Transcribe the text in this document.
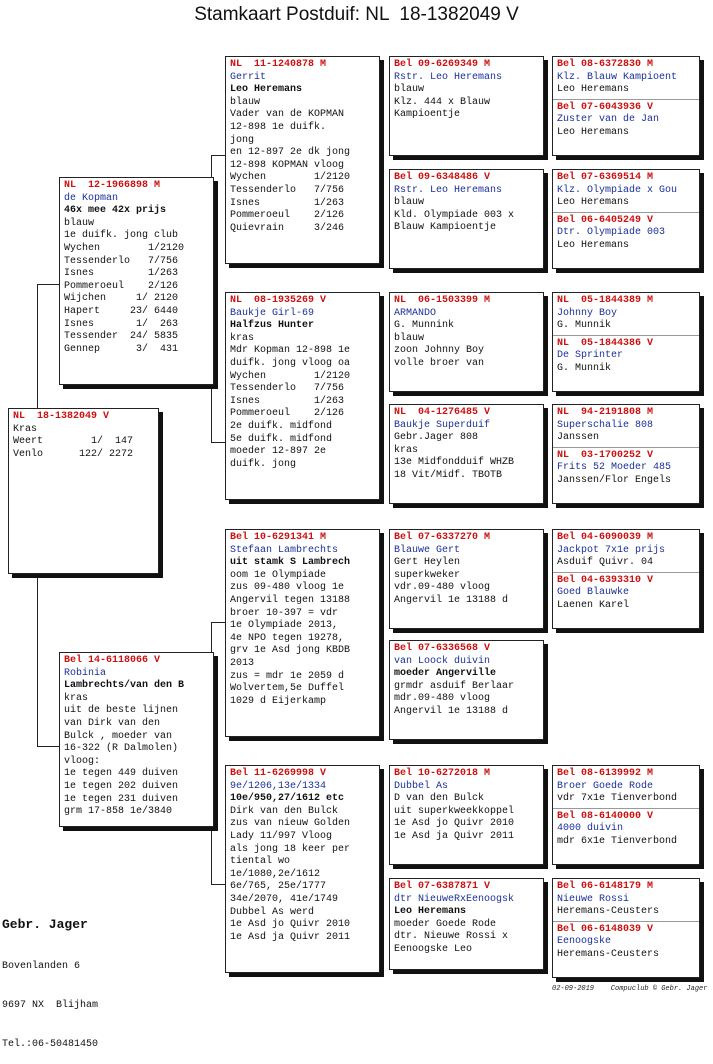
Stamkaart Postduif: NL  18-1382049 V
NL  18-1382049 V
Kras
Weert        1/  147
Venlo      122/ 2272
NL  12-1966898 M
de Kopman
46x mee 42x prijs
blauw
1e duifk. jong club
Wychen        1/2120
Tessenderlo   7/756
Isnes         1/263
Pommeroeul    2/126
Wijchen     1/ 2120
Hapert     23/ 6440
Isnes       1/  263
Tessender  24/ 5835
Gennep      3/  431
Bel 14-6118066 V
Robinia
Lambrechts/van den B
kras
uit de beste lijnen
van Dirk van den
Bulck , moeder van
16-322 (R Dalmolen)
vloog:
1e tegen 449 duiven
1e tegen 202 duiven
1e tegen 231 duiven
grm 17-858 1e/3840
NL  11-1240878 M
Gerrit
Leo Heremans
blauw
Vader van de KOPMAN
12-898 1e duifk.
jong
en 12-897 2e dk jong
12-898 KOPMAN vloog
Wychen        1/2120
Tessenderlo   7/756
Isnes         1/263
Pommeroeul    2/126
Quievrain     3/246
NL  08-1935269 V
Baukje Girl-69
Halfzus Hunter
kras
Mdr Kopman 12-898 1e
duifk. jong vloog oa
Wychen        1/2120
Tessenderlo   7/756
Isnes         1/263
Pommeroeul    2/126
2e duifk. midfond
5e duifk. midfond
moeder 12-897 2e
duifk. jong
Bel 10-6291341 M
Stefaan Lambrechts
uit stamk S Lambrech
oom 1e Olympiade
zus 09-480 vloog 1e
Angervil tegen 13188
broer 10-397 = vdr
1e Olympiade 2013,
4e NPO tegen 19278,
grv 1e Asd jong KBDB
2013
zus = mdr 1e 2059 d
Wolvertem,5e Duffel
1029 d Eijerkamp
Bel 11-6269998 V
9e/1206,13e/1334
10e/950,27/1612 etc
Dirk van den Bulck
zus van nieuw Golden
Lady 11/997 Vloog
als jong 18 keer per
tiental wo
1e/1080,2e/1612
6e/765, 25e/1777
34e/2070, 41e/1749
Dubbel As werd
1e Asd jo Quivr 2010
1e Asd ja Quivr 2011
Bel 09-6269349 M
Rstr. Leo Heremans
blauw
Klz. 444 x Blauw
Kampioentje
Bel 09-6348486 V
Rstr. Leo Heremans
blauw
Kld. Olympiade 003 x
Blauw Kampioentje
NL  06-1503399 M
ARMANDO
G. Munnink
blauw
zoon Johnny Boy
volle broer van
NL  04-1276485 V
Baukje Superduif
Gebr.Jager 808
kras
13e Midfondduif WHZB
18 Vit/Midf. TBOTB
Bel 07-6337270 M
Blauwe Gert
Gert Heylen
superkweker
vdr.09-480 vloog
Angervil 1e 13188 d
Bel 07-6336568 V
van Loock duivin
moeder Angerville
grmdr asduif Berlaar
mdr.09-480 vloog
Angervil 1e 13188 d
Bel 10-6272018 M
Dubbel As
D van den Bulck
uit superkweekkoppel
1e Asd jo Quivr 2010
1e Asd ja Quivr 2011
Bel 07-6387871 V
dtr NieuweRxEenoogsk
Leo Heremans
moeder Goede Rode
dtr. Nieuwe Rossi x
Eenoogske Leo
Bel 08-6372830 M
Klz. Blauw Kampioent
Leo Heremans
Bel 07-6043936 V
Zuster van de Jan
Leo Heremans
Bel 07-6369514 M
Klz. Olympiade x Gou
Leo Heremans
Bel 06-6405249 V
Dtr. Olympiade 003
Leo Heremans
NL  05-1844389 M
Johnny Boy
G. Munnik
NL  05-1844386 V
De Sprinter
G. Munnik
NL  94-2191808 M
Superschalie 808
Janssen
NL  03-1700252 V
Frits 52 Moeder 485
Janssen/Flor Engels
Bel 04-6090039 M
Jackpot 7x1e prijs
Asduif Quivr. 04
Bel 04-6393310 V
Goed Blauwke
Laenen Karel
Bel 08-6139992 M
Broer Goede Rode
vdr 7x1e Tienverbond
Bel 08-6140000 V
4000 duivin
mdr 6x1e Tienverbond
Bel 06-6148179 M
Nieuwe Rossi
Heremans-Ceusters
Bel 06-6148039 V
Eenoogske
Heremans-Ceusters

Gebr. Jager

Bovenlanden 6

9697 NX  Blijham

Tel.:06-50481450

02-09-2019    Compuclub © Gebr. Jager
